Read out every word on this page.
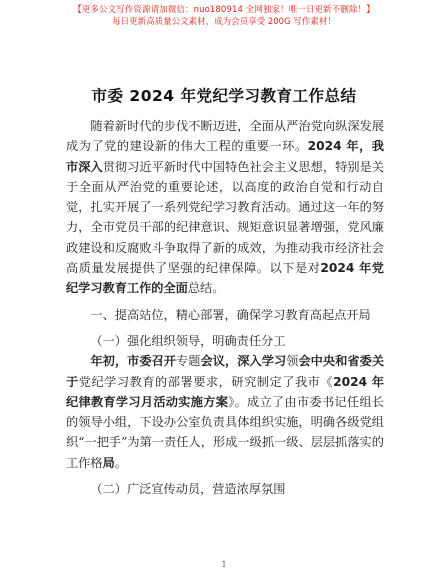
【更多公文写作资源请加微信：nuo180914 全网独家！唯一日更新不删除！】
每日更新高质量公文素材，成为会员享受 200G 写作素材！
市委 2024 年党纪学习教育工作总结

随着新时代的步伐不断迈进，全面从严治党向纵深发展成为了党的建设新的伟大工程的重要一环。2024 年，我市深入贯彻习近平新时代中国特色社会主义思想，特别是关于全面从严治党的重要论述，以高度的政治自觉和行动自觉，扎实开展了一系列党纪学习教育活动。通过这一年的努力，全市党员干部的纪律意识、规矩意识显著增强，党风廉政建设和反腐败斗争取得了新的成效，为推动我市经济社会高质量发展提供了坚强的纪律保障。以下是对2024 年党纪学习教育工作的全面总结。

一、提高站位，精心部署，确保学习教育高起点开局

（一）强化组织领导，明确责任分工

年初，市委召开专题会议，深入学习领会中央和省委关于党纪学习教育的部署要求，研究制定了我市《2024 年纪律教育学习月活动实施方案》。成立了由市委书记任组长的领导小组，下设办公室负责具体组织实施，明确各级党组织“一把手”为第一责任人，形成一级抓一级、层层抓落实的工作格局。

（二）广泛宣传动员，营造浓厚氛围

1
